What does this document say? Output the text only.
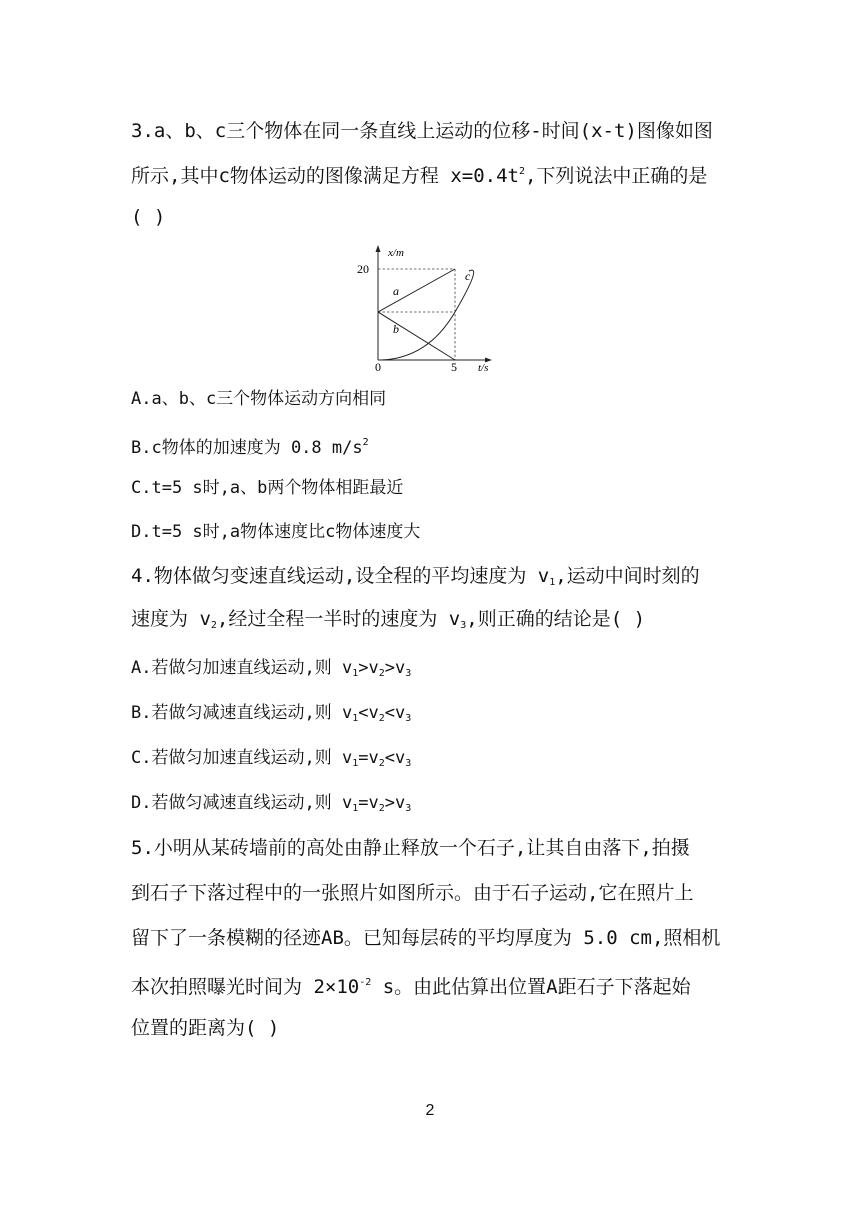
3.a、b、c三个物体在同一条直线上运动的位移-时间(x-t)图像如图
所示,其中c物体运动的图像满足方程 $x=0.4t^2$,下列说法中正确的是
( )
x/m
20
0	5 t/s
a
b
c
A.a、b、c三个物体运动方向相同
B.c物体的加速度为 0.8 $m/s^2$
C.t=5 s时,a、b两个物体相距最近
D.t=5 s时,a物体速度比c物体速度大
4.物体做匀变速直线运动,设全程的平均速度为 $v_1$,运动中间时刻的
速度为 $v_2$,经过全程一半时的速度为 $v_3$,则正确的结论是( )
A.若做匀加速直线运动,则 $v_1>v_2>v_3$
B.若做匀减速直线运动,则 $v_1<v_2<v_3$
C.若做匀加速直线运动,则 $v_1=v_2<v_3$
D.若做匀减速直线运动,则 $v_1=v_2>v_3$
5.小明从某砖墙前的高处由静止释放一个石子,让其自由落下,拍摄
到石子下落过程中的一张照片如图所示。由于石子运动,它在照片上
留下了一条模糊的径迹AB。已知每层砖的平均厚度为 5.0 cm,照相机
本次拍照曝光时间为 $2\times 10^{-2}$ s。由此估算出位置A距石子下落起始
位置的距离为( )
2
